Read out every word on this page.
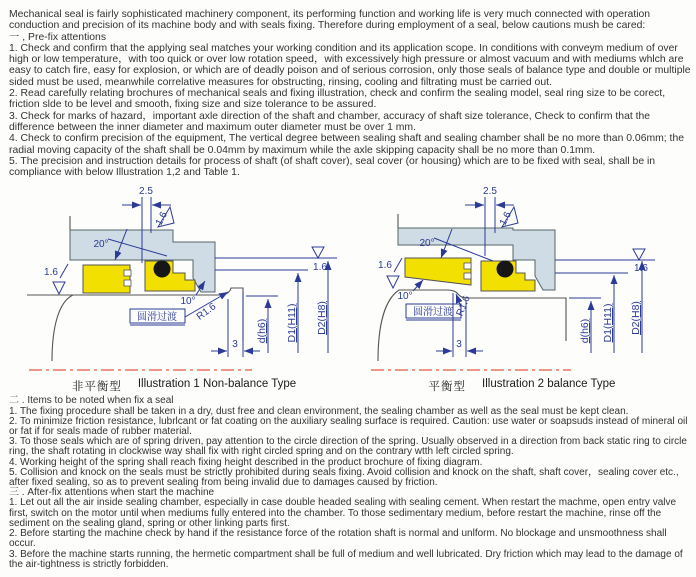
Mechanical seal is fairly sophisticated machinery component, its performing function and working life is very much connected with operation conduction and precision of its machine body and with seals fixing. Therefore during employment of a seal, below cautions mush be cared:

一 , Pre-fix attentions

1. Check and confirm that the applying seal matches your working condition and its application scope. In conditions with conveym medium of over high or low temperature，with too quick or over low rotation speed，with excessively high pressure or almost vacuum and with mediums whlch are easy to catch fire, easy for explosion, or which are of deadly poison and of serious corrosion, only those seals of balance type and double or multiple sided must be used, meanwhile correlative measures for obstructing, rinsing, cooling and filtrating must be carried out.

2. Read carefully relating brochures of mechanical seals and fixing illustration, check and confirm the sealing model, seal ring size to be corect, friction slde to be level and smooth, fixing size and size tolerance to be assured.

3. Check for marks of hazard，important axle direction of the shaft and chamber, accuracy of shaft size tolerance, Check to confirm that the difference between the inner diameter and maximum outer diameter must be over 1 mm.

4. Check to confirm precision of the equipment, The vertical degree between sealing shaft and sealing chamber shall be no more than 0.06mm; the radial moving capacity of the shaft shall be 0.04mm by maximum while the axle skipping capacity shall be no more than 0.1mm.

5. The precision and instruction details for process of shaft (of shaft cover), seal cover (or housing) which are to be fixed with seal, shall be in compliance with below Illustration 1,2 and Table 1.

2.5
1.6
20°
1.6
10°
圆滑过渡 R1.6
3
d(h6) D1(H11) D2(H8)
1.6
非平衡型 Illustration 1 Non-balance Type
2.5
1.6
20°
1.6
10°
圆滑过渡 R1.6
3
d(h6) D1(H11) D2(H8)
1.6
平衡型 Illustration 2 balance Type

二 . Items to be noted when fix a seal

1. The fixing procedure shall be taken in a dry, dust free and clean environment, the sealing chamber as well as the seal must be kept clean.

2. To minimize friction resistance, lubrlcant or fat coating on the auxiliary sealing surface is required. Caution: use water or soapsuds instead of mineral oil or fat if for seals made of rubber material.

3. To those seals which are of spring driven, pay attention to the circle direction of the spring. Usually observed in a direction from back static ring to circle ring, the shaft rotating in clockwise way shall fix with right circled spring and on the contrary wtth left circled spring.

4. Working height of the spring shall reach fixing height described in the product brochure of fixing diagram.

5. Collision and knock on the seals must be strictly prohibited during seals fixing. Avoid collision and knock on the shaft, shaft cover，sealing cover etc., after fixed sealing, so as to prevent sealing from being invalid due to damages caused by friction.

三 . After-fix attentions when start the machine

1. Let out all the air inside sealing chamber, especially in case double headed sealing with sealing cement. When restart the machme, open entry valve first, switch on the motor until when mediums fully entered into the chamber. To those sedimentary medium, before restart the machine, rinse off the sediment on the sealing gland, spring or other linking parts first.

2. Before starting the machine check by hand if the resistance force of the rotation shaft is normal and unlform. No blockage and unsmoothness shall occur.

3. Before the machine starts running, the hermetic compartment shall be full of medium and well lubricated. Dry friction which may lead to the damage of the air-tightness is strictly forbidden.
